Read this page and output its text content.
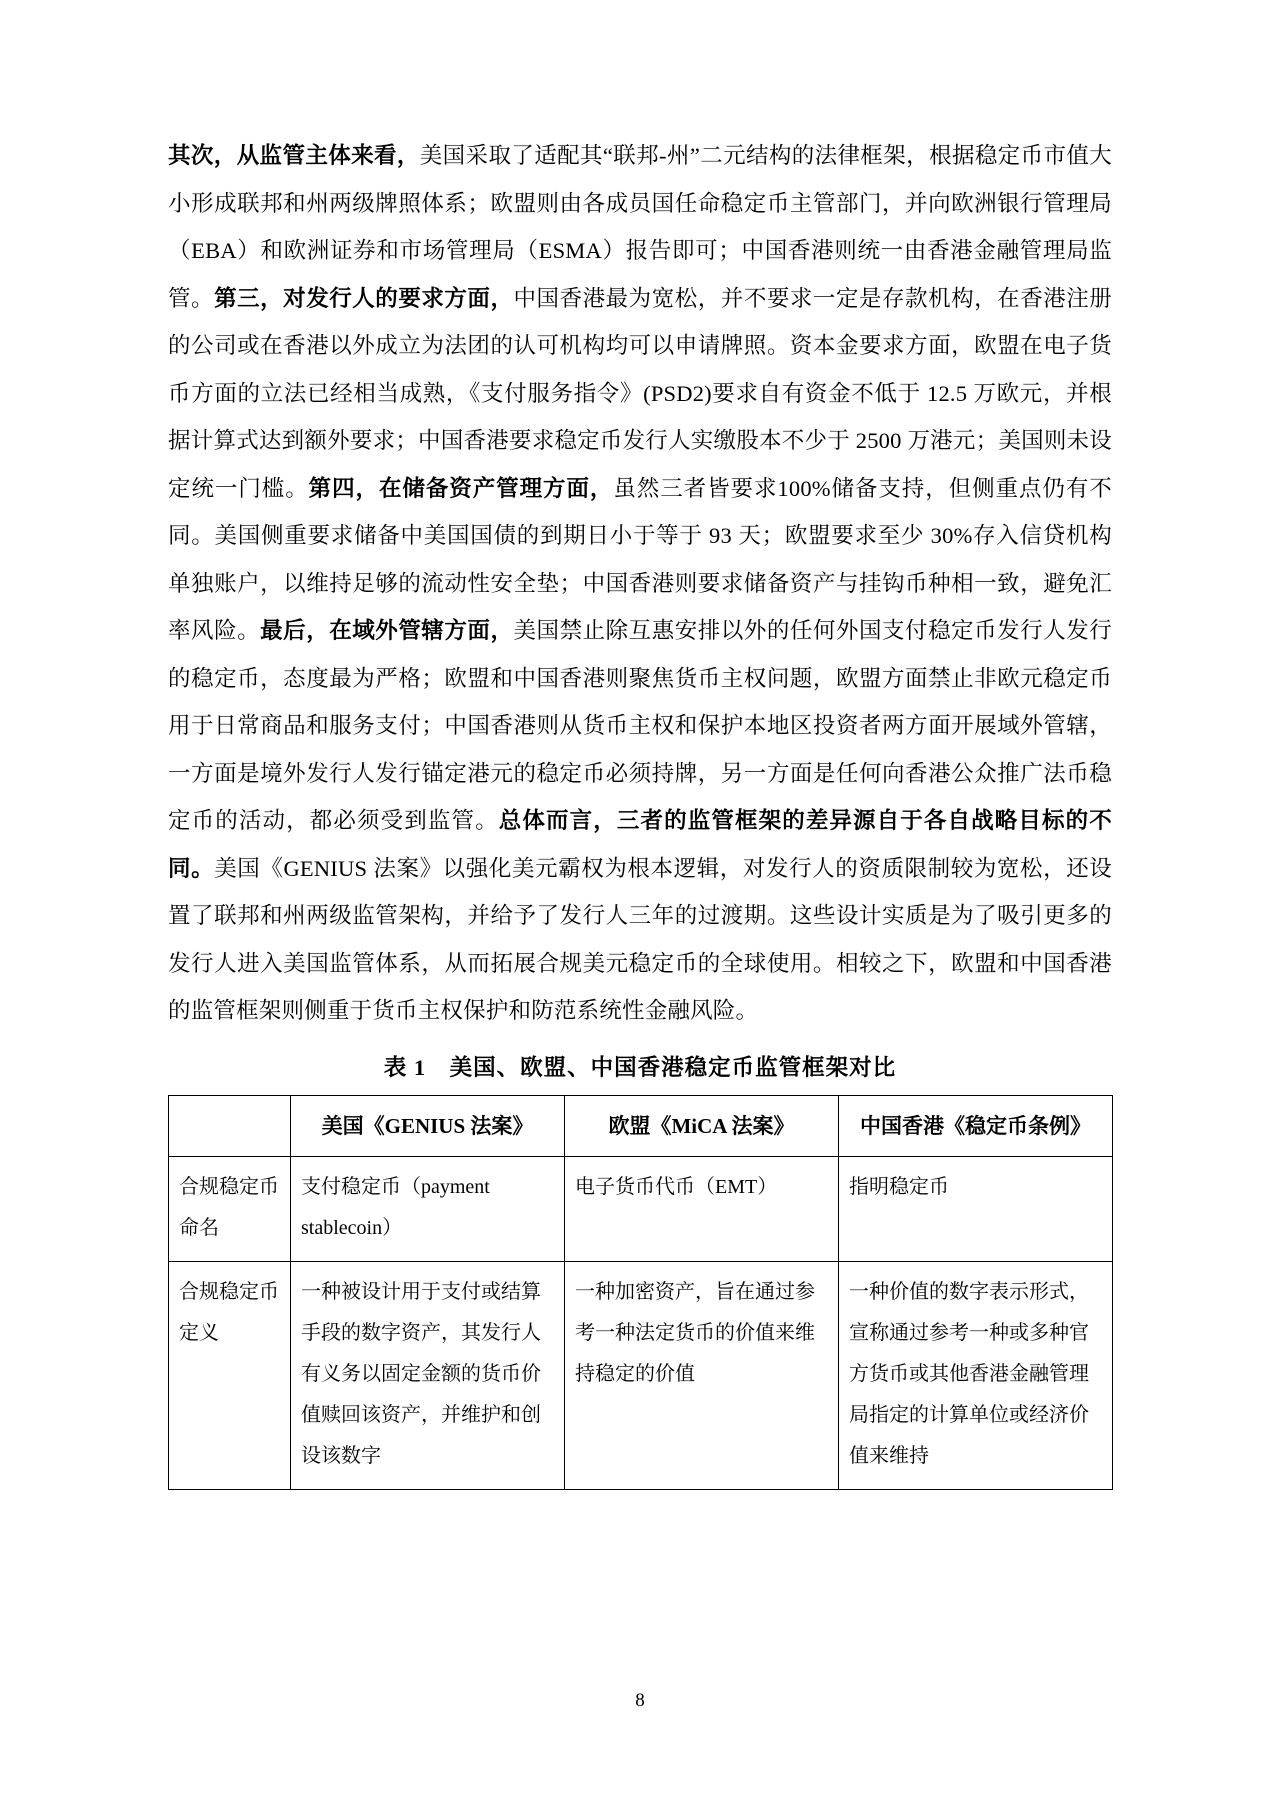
其次，从监管主体来看，美国采取了适配其“联邦-州”二元结构的法律框架，根据稳定币市值大小形成联邦和州两级牌照体系；欧盟则由各成员国任命稳定币主管部门，并向欧洲银行管理局（EBA）和欧洲证券和市场管理局（ESMA）报告即可；中国香港则统一由香港金融管理局监管。第三，对发行人的要求方面，中国香港最为宽松，并不要求一定是存款机构，在香港注册的公司或在香港以外成立为法团的认可机构均可以申请牌照。资本金要求方面，欧盟在电子货币方面的立法已经相当成熟，《支付服务指令》(PSD2)要求自有资金不低于 12.5 万欧元，并根据计算式达到额外要求；中国香港要求稳定币发行人实缴股本不少于 2500 万港元；美国则未设定统一门槛。第四，在储备资产管理方面，虽然三者皆要求100%储备支持，但侧重点仍有不同。美国侧重要求储备中美国国债的到期日小于等于 93 天；欧盟要求至少 30%存入信贷机构单独账户，以维持足够的流动性安全垫；中国香港则要求储备资产与挂钩币种相一致，避免汇率风险。最后，在域外管辖方面，美国禁止除互惠安排以外的任何外国支付稳定币发行人发行的稳定币，态度最为严格；欧盟和中国香港则聚焦货币主权问题，欧盟方面禁止非欧元稳定币用于日常商品和服务支付；中国香港则从货币主权和保护本地区投资者两方面开展域外管辖，一方面是境外发行人发行锚定港元的稳定币必须持牌，另一方面是任何向香港公众推广法币稳定币的活动，都必须受到监管。总体而言，三者的监管框架的差异源自于各自战略目标的不同。美国《GENIUS 法案》以强化美元霸权为根本逻辑，对发行人的资质限制较为宽松，还设置了联邦和州两级监管架构，并给予了发行人三年的过渡期。这些设计实质是为了吸引更多的发行人进入美国监管体系，从而拓展合规美元稳定币的全球使用。相较之下，欧盟和中国香港的监管框架则侧重于货币主权保护和防范系统性金融风险。

表 1　美国、欧盟、中国香港稳定币监管框架对比
	美国《GENIUS 法案》	欧盟《MiCA 法案》	中国香港《稳定币条例》
合规稳定币命名	支付稳定币（payment stablecoin）	电子货币代币（EMT）	指明稳定币
合规稳定币定义	一种被设计用于支付或结算手段的数字资产，其发行人有义务以固定金额的货币价值赎回该资产，并维护和创设该数字	一种加密资产，旨在通过参考一种法定货币的价值来维持稳定的价值	一种价值的数字表示形式，宣称通过参考一种或多种官方货币或其他香港金融管理局指定的计算单位或经济价值来维持
8
